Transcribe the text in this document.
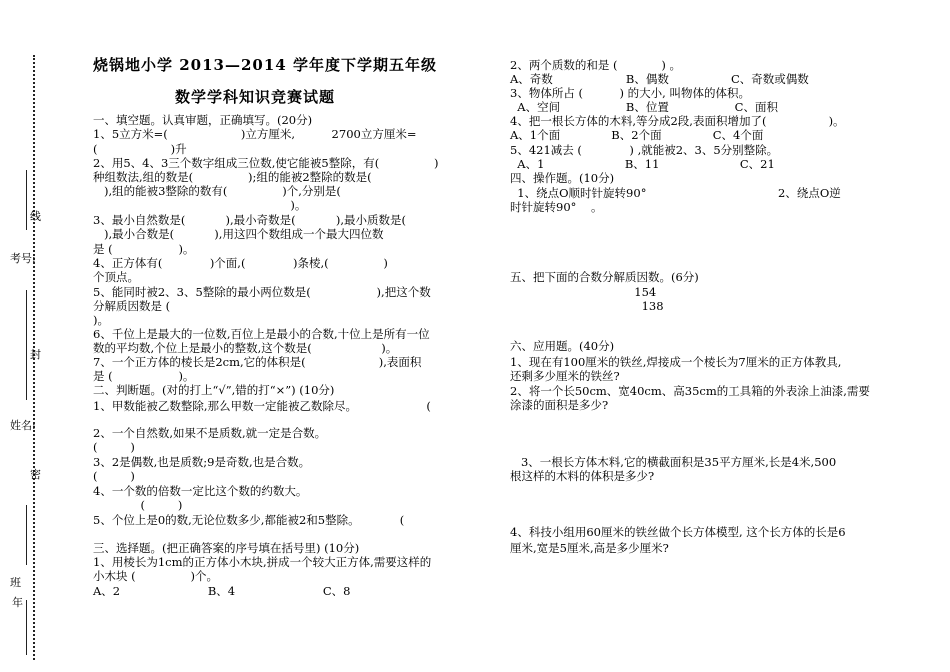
考号:
线
封
姓名:
密
班
年
烧锅地小学 2013—2014 学年度下学期五年级
数学学科知识竞赛试题
一、填空题。认真审题，正确填写。(20分)
1、5立方米=(                    )立方厘米,          2700立方厘米=
(                    )升
2、用5、4、3三个数字组成三位数,使它能被5整除，有(               )
种组数法,组的数是(               );组的能被2整除的数是(
),组的能被3整除的数有(               )个,分别是(
)。
3、最小自然数是(           ),最小奇数是(           ),最小质数是(
),最小合数是(           ),用这四个数组成一个最大四位数
是 (                  )。
4、正方体有(             )个面,(             )条棱,(               )
个顶点。
5、能同时被2、3、5整除的最小两位数是(                  ),把这个数
分解质因数是 (
)。
6、千位上是最大的一位数,百位上是最小的合数,十位上是所有一位
数的平均数,个位上是最小的整数,这个数是(                   )。
7、一个正方体的棱长是2cm,它的体积是(                    ),表面积
是 (                  )。
二、判断题。(对的打上“√”,错的打“×”) (10分)
1、甲数能被乙数整除,那么甲数一定能被乙数除尽。                   (
2、一个自然数,如果不是质数,就一定是合数。
(         )
3、2是偶数,也是质数;9是奇数,也是合数。
(         )
4、一个数的倍数一定比这个数的约数大。
(         )
5、个位上是0的数,无论位数多少,都能被2和5整除。           (
三、选择题。(把正确答案的序号填在括号里) (10分)
1、用棱长为1cm的正方体小木块,拼成一个较大正方体,需要这样的
小木块 (               )个。
A、2                        B、4                        C、8
2、两个质数的和是 (            ) 。
A、奇数                    B、偶数                 C、奇数或偶数
3、物体所占 (          ) 的大小, 叫物体的体积。
A、空间                  B、位置                  C、面积
4、把一根长方体的木料,等分成2段,表面积增加了(                 )。
A、1个面              B、2个面              C、4个面
5、421减去 (             ) ,就能被2、3、5分别整除。
A、1                      B、11                      C、21
四、操作题。(10分)
1、绕点O顺时针旋转90°                                    2、绕点O逆
时针旋转90°    。
五、把下面的合数分解质因数。(6分)
154
138
六、应用题。(40分)
1、现在有100厘米的铁丝,焊接成一个棱长为7厘米的正方体教具,
还剩多少厘米的铁丝?
2、将一个长50cm、宽40cm、高35cm的工具箱的外表涂上油漆,需要
涂漆的面积是多少?
3、一根长方体木料,它的横截面积是35平方厘米,长是4米,500
根这样的木料的体积是多少?
4、科技小组用60厘米的铁丝做个长方体模型, 这个长方体的长是6
厘米,宽是5厘米,高是多少厘米?
